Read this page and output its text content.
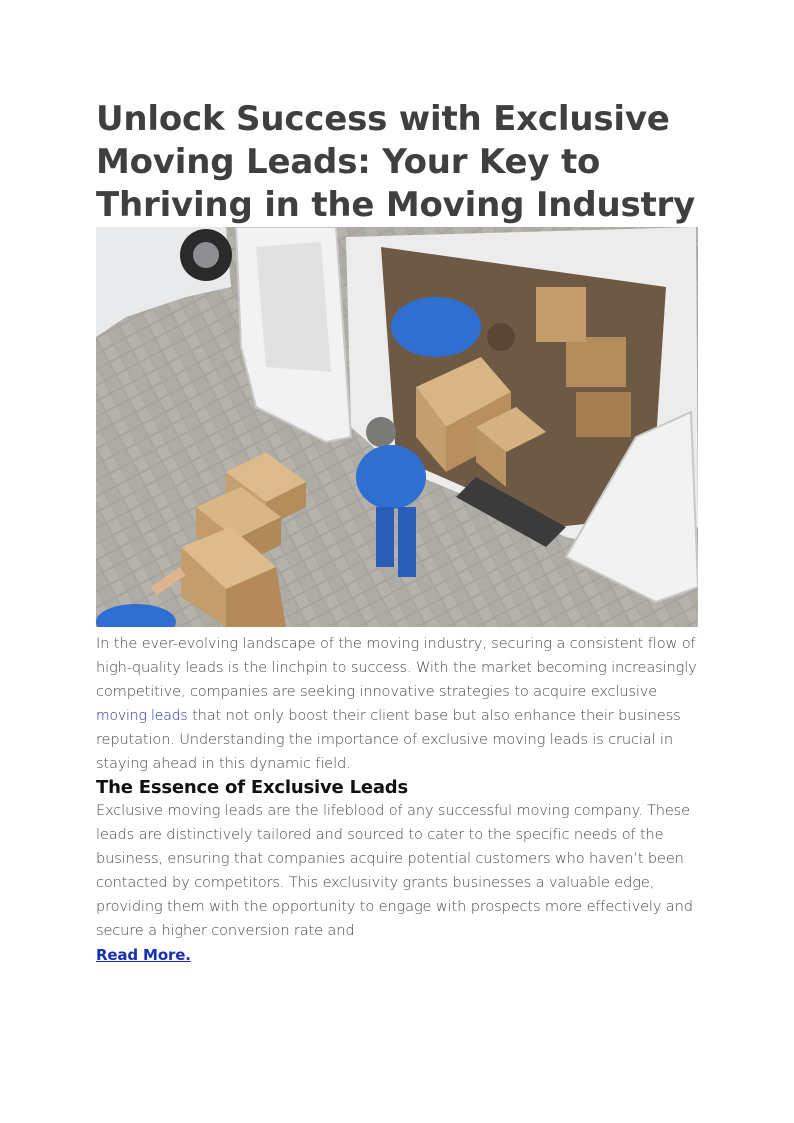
Unlock Success with Exclusive Moving Leads: Your Key to Thriving in the Moving Industry

In the ever-evolving landscape of the moving industry, securing a consistent flow of high-quality leads is the linchpin to success. With the market becoming increasingly competitive, companies are seeking innovative strategies to acquire exclusive moving leads that not only boost their client base but also enhance their business reputation. Understanding the importance of exclusive moving leads is crucial in staying ahead in this dynamic field.

The Essence of Exclusive Leads

Exclusive moving leads are the lifeblood of any successful moving company. These leads are distinctively tailored and sourced to cater to the specific needs of the business, ensuring that companies acquire potential customers who haven’t been contacted by competitors. This exclusivity grants businesses a valuable edge, providing them with the opportunity to engage with prospects more effectively and secure a higher conversion rate and

Read More.
